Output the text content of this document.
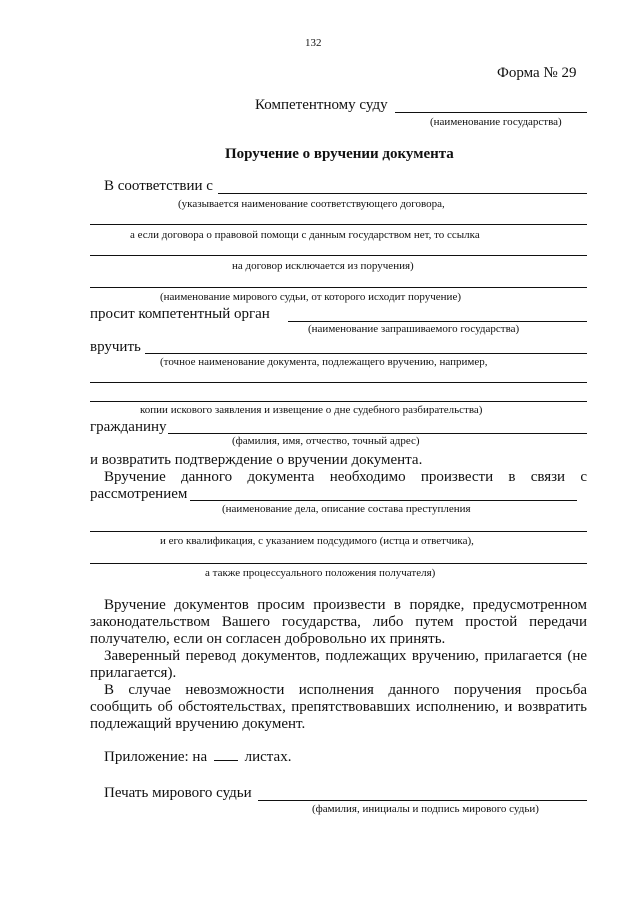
132
Форма № 29
Компетентному суду
(наименование государства)
Поручение о вручении документа
В соответствии с
(указывается наименование соответствующего договора,
а если договора о правовой помощи с данным государством нет, то ссылка
на договор исключается из поручения)
(наименование мирового судьи, от которого исходит поручение)
просит компетентный орган
(наименование запрашиваемого государства)
вручить
(точное наименование документа, подлежащего вручению, например,
копии искового заявления и извещение о дне судебного разбирательства)
гражданину
(фамилия, имя, отчество, точный адрес)
и возвратить подтверждение о вручении документа.
Вручение данного документа необходимо произвести в связи с
рассмотрением
(наименование дела, описание состава преступления
и его квалификация, с указанием подсудимого (истца и ответчика),
а также процессуального положения получателя)
Вручение документов просим произвести в порядке, предусмотренном законодательством Вашего государства, либо путем простой передачи получателю, если он согласен добровольно их принять.
Заверенный перевод документов, подлежащих вручению, прилагается (не прилагается).
В случае невозможности исполнения данного поручения просьба сообщить об обстоятельствах, препятствовавших исполнению, и возвратить подлежащий вручению документ.
Приложение: на	листах.
Печать мирового судьи
(фамилия, инициалы и подпись мирового судьи)
